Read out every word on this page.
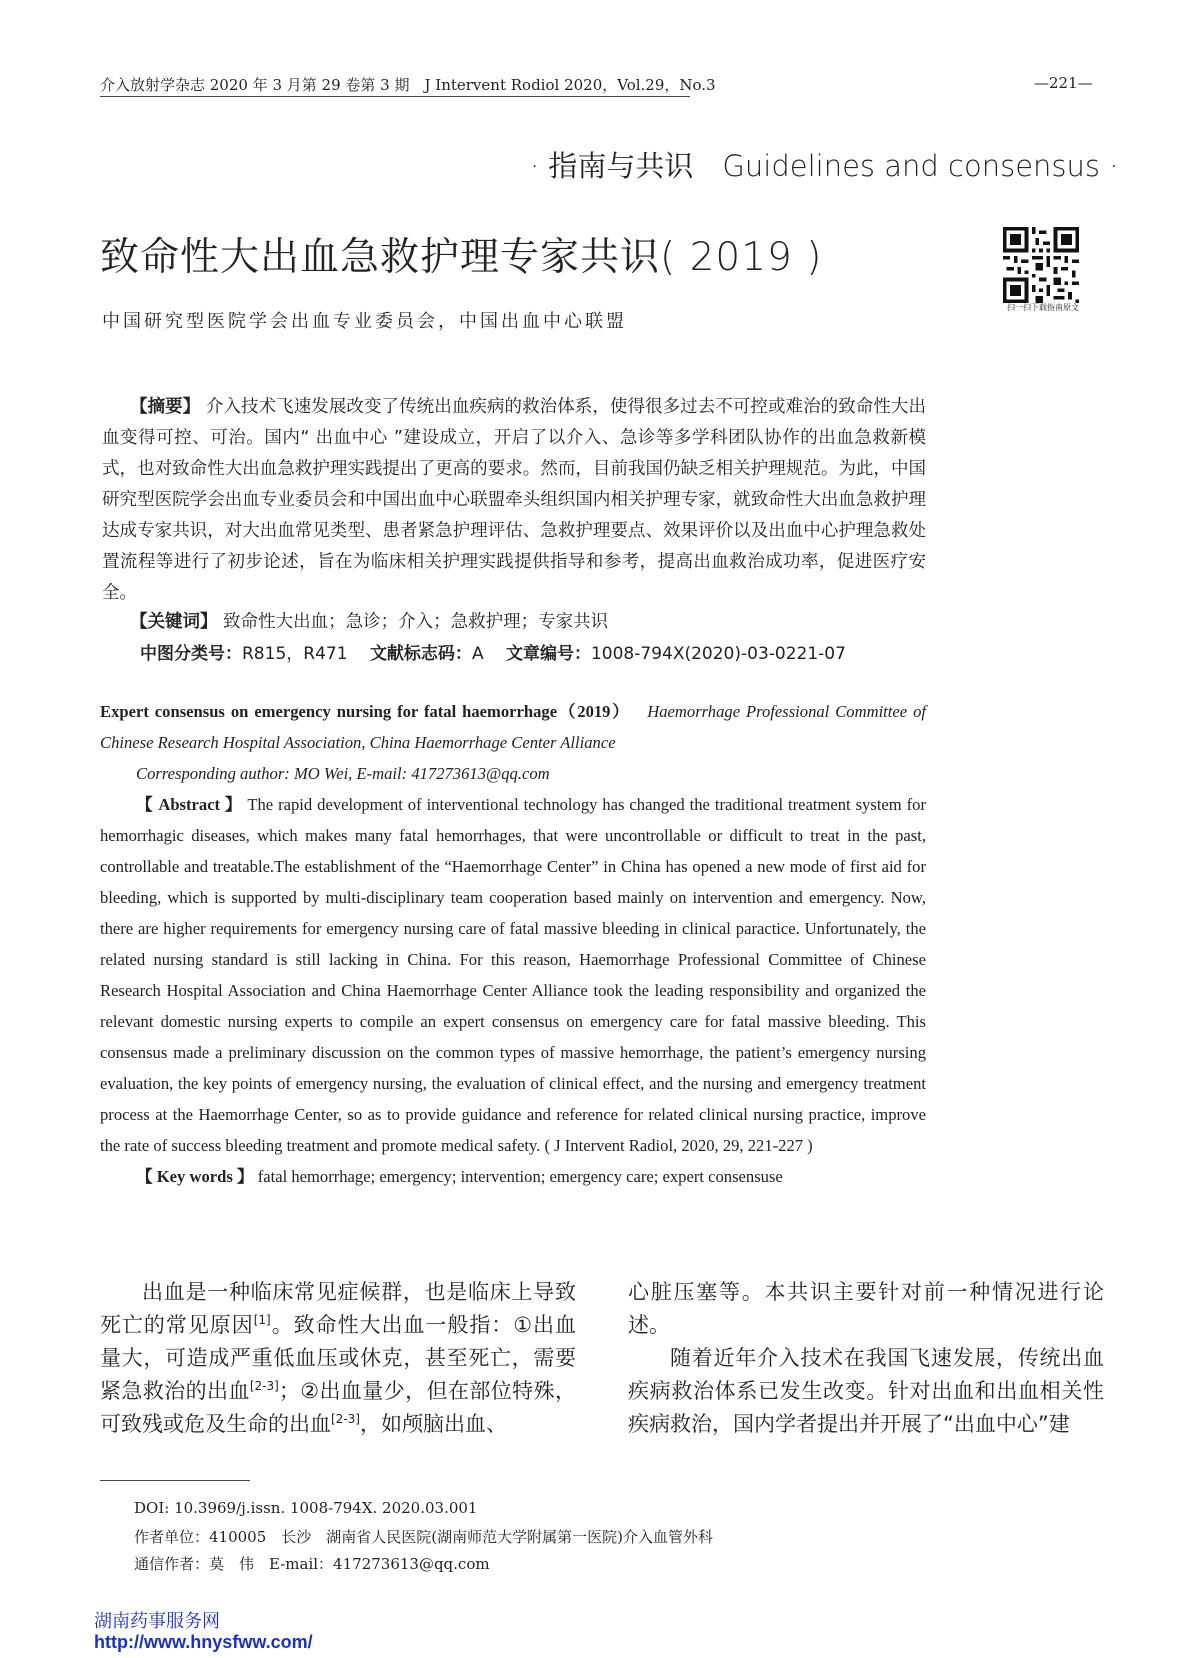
介入放射学杂志 2020 年 3 月第 29 卷第 3 期　J Intervent Rodiol 2020，Vol.29，No.3	—221—
· 指南与共识　Guidelines and consensus ·
致命性大出血急救护理专家共识( 2019 )
扫一扫下载指南原文
中国研究型医院学会出血专业委员会，中国出血中心联盟
【摘要】 介入技术飞速发展改变了传统出血疾病的救治体系，使得很多过去不可控或难治的致命性大出血变得可控、可治。国内“ 出血中心 ”建设成立，开启了以介入、急诊等多学科团队协作的出血急救新模式，也对致命性大出血急救护理实践提出了更高的要求。然而，目前我国仍缺乏相关护理规范。为此，中国研究型医院学会出血专业委员会和中国出血中心联盟牵头组织国内相关护理专家，就致命性大出血急救护理达成专家共识，对大出血常见类型、患者紧急护理评估、急救护理要点、效果评价以及出血中心护理急救处置流程等进行了初步论述，旨在为临床相关护理实践提供指导和参考，提高出血救治成功率，促进医疗安全。
【关键词】 致命性大出血；急诊；介入；急救护理；专家共识
中图分类号：R815，R471　 文献标志码：A　 文章编号：1008-794X(2020)-03-0221-07

Expert consensus on emergency nursing for fatal haemorrhage（2019）  Haemorrhage Professional Committee of Chinese Research Hospital Association, China Haemorrhage Center Alliance

Corresponding author: MO Wei, E-mail: 417273613@qq.com

【 Abstract 】 The rapid development of interventional technology has changed the traditional treatment system for hemorrhagic diseases, which makes many fatal hemorrhages, that were uncontrollable or difficult to treat in the past, controllable and treatable.The establishment of the “Haemorrhage Center” in China has opened a new mode of first aid for bleeding, which is supported by multi-disciplinary team cooperation based mainly on intervention and emergency. Now, there are higher requirements for emergency nursing care of fatal massive bleeding in clinical paractice. Unfortunately, the related nursing standard is still lacking in China. For this reason, Haemorrhage Professional Committee of Chinese Research Hospital Association and China Haemorrhage Center Alliance took the leading responsibility and organized the relevant domestic nursing experts to compile an expert consensus on emergency care for fatal massive bleeding. This consensus made a preliminary discussion on the common types of massive hemorrhage, the patient’s emergency nursing evaluation, the key points of emergency nursing, the evaluation of clinical effect, and the nursing and emergency treatment process at the Haemorrhage Center, so as to provide guidance and reference for related clinical nursing practice, improve the rate of success bleeding treatment and promote medical safety. ( J Intervent Radiol, 2020, 29, 221-227 )

【 Key words 】 fatal hemorrhage; emergency; intervention; emergency care; expert consensuse

出血是一种临床常见症候群，也是临床上导致死亡的常见原因[1]。致命性大出血一般指：①出血量大，可造成严重低血压或休克，甚至死亡，需要紧急救治的出血[2-3]；②出血量少，但在部位特殊，可致残或危及生命的出血[2-3]，如颅脑出血、

心脏压塞等。本共识主要针对前一种情况进行论述。

随着近年介入技术在我国飞速发展，传统出血疾病救治体系已发生改变。针对出血和出血相关性疾病救治，国内学者提出并开展了“出血中心”建

DOI: 10.3969/j.issn. 1008-794X. 2020.03.001
作者单位：410005　长沙　湖南省人民医院(湖南师范大学附属第一医院)介入血管外科
通信作者：莫　伟　E-mail：417273613@qq.com
湖南药事服务网
http://www.hnysfww.com/
